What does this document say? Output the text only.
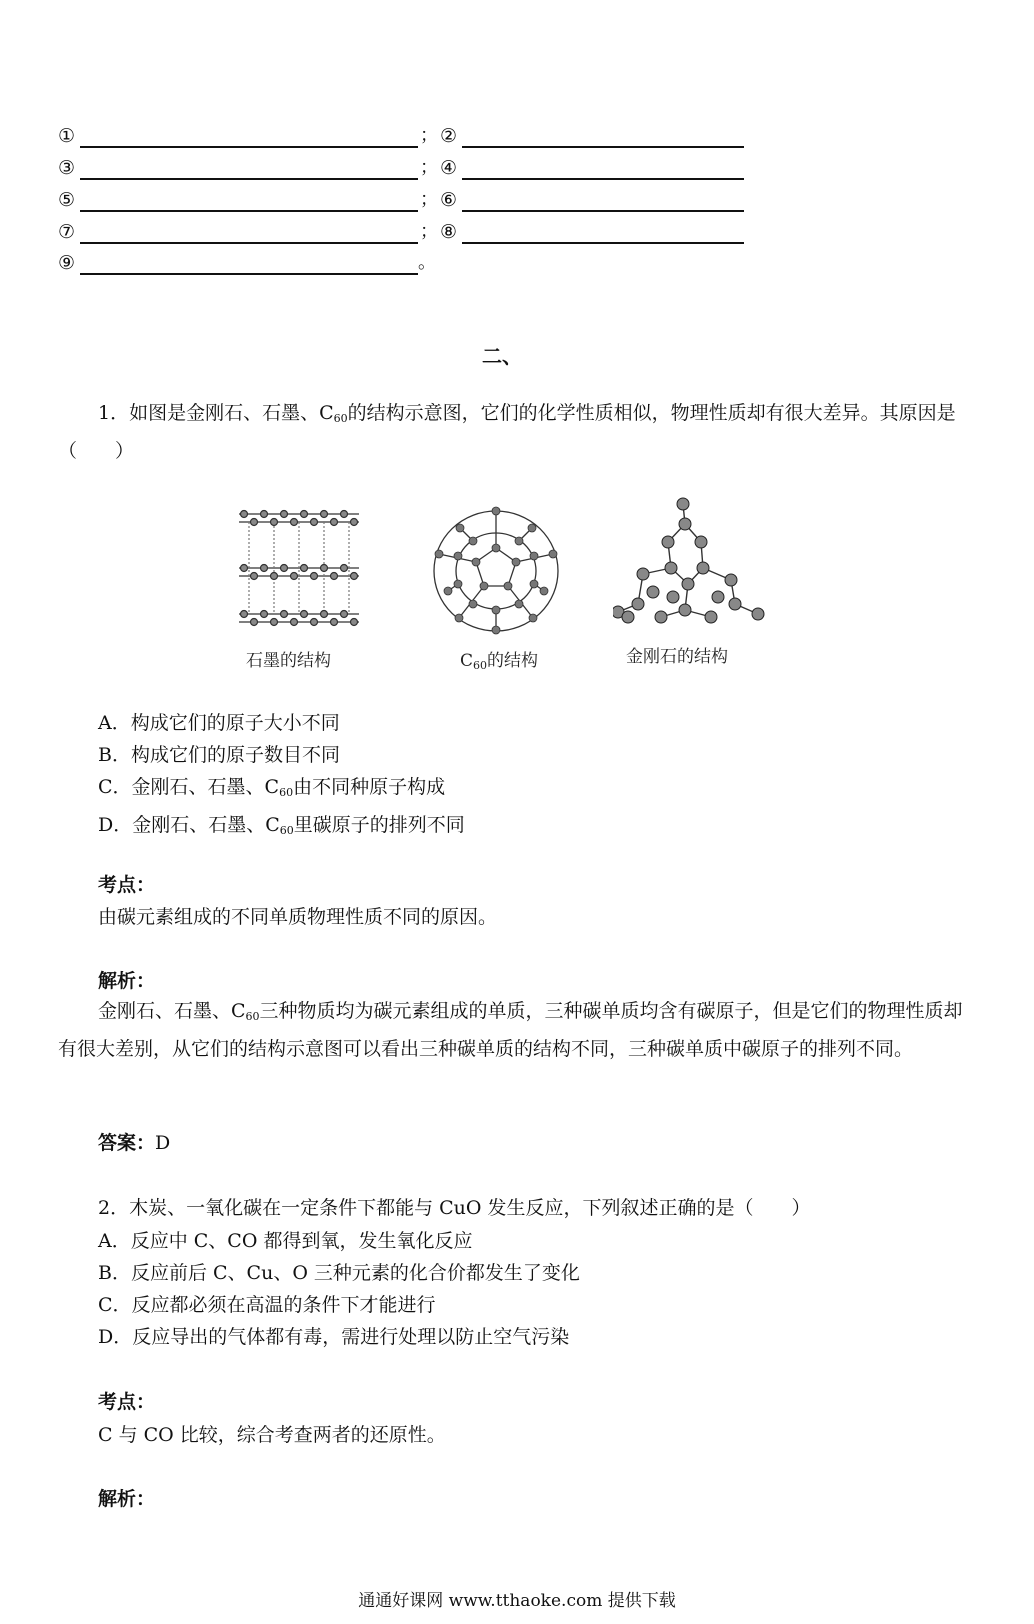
①	； ②
③	； ④
⑤	； ⑥
⑦	； ⑧
⑨	。
二、
1．如图是金刚石、石墨、$C_{60}$的结构示意图，它们的化学性质相似，物理性质却有很大差异。其原因是（　　）
石墨的结构	$C_{60}$的结构	金刚石的结构
A．构成它们的原子大小不同
B．构成它们的原子数目不同
C．金刚石、石墨、$C_{60}$由不同种原子构成
D．金刚石、石墨、$C_{60}$里碳原子的排列不同
考点：
由碳元素组成的不同单质物理性质不同的原因。
解析：
金刚石、石墨、$C_{60}$三种物质均为碳元素组成的单质，三种碳单质均含有碳原子，但是它们的物理性质却有很大差别，从它们的结构示意图可以看出三种碳单质的结构不同，三种碳单质中碳原子的排列不同。
答案：D
2．木炭、一氧化碳在一定条件下都能与 CuO 发生反应，下列叙述正确的是（　　）
A．反应中 C、CO 都得到氧，发生氧化反应
B．反应前后 C、Cu、O 三种元素的化合价都发生了变化
C．反应都必须在高温的条件下才能进行
D．反应导出的气体都有毒，需进行处理以防止空气污染
考点：
C 与 CO 比较，综合考查两者的还原性。
解析：
通通好课网 www.tthaoke.com 提供下载
